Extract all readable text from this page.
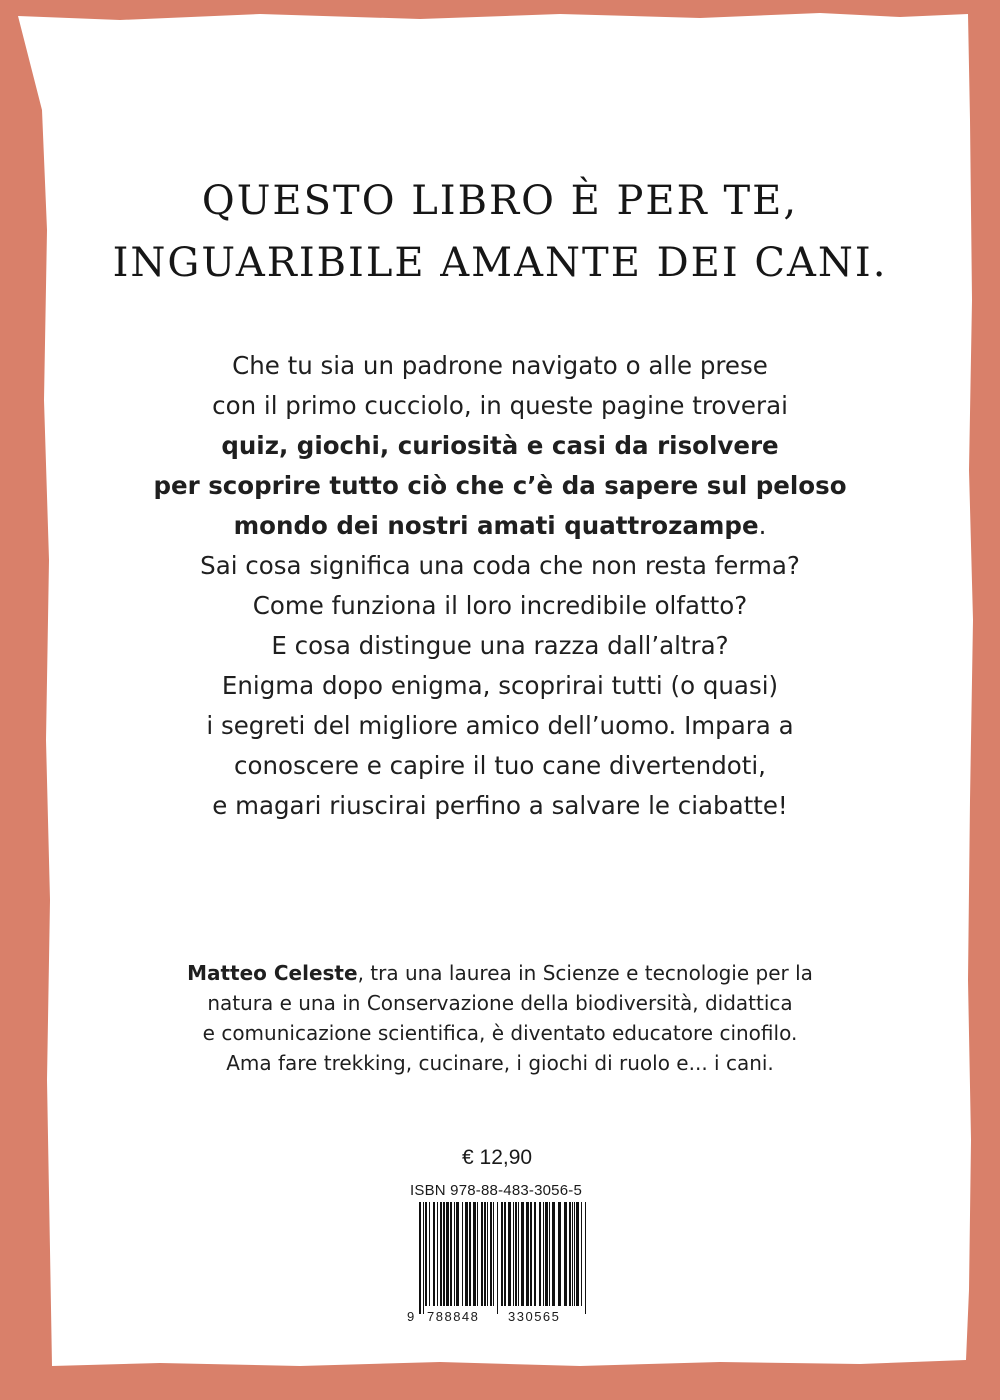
QUESTO LIBRO È PER TE,
INGUARIBILE AMANTE DEI CANI.
Che tu sia un padrone navigato o alle prese
con il primo cucciolo, in queste pagine troverai
quiz, giochi, curiosità e casi da risolvere
per scoprire tutto ciò che c’è da sapere sul peloso
mondo dei nostri amati quattrozampe.
Sai cosa significa una coda che non resta ferma?
Come funziona il loro incredibile olfatto?
E cosa distingue una razza dall’altra?
Enigma dopo enigma, scoprirai tutti (o quasi)
i segreti del migliore amico dell’uomo. Impara a
conoscere e capire il tuo cane divertendoti,
e magari riuscirai perfino a salvare le ciabatte!
Matteo Celeste, tra una laurea in Scienze e tecnologie per la
natura e una in Conservazione della biodiversità, didattica
e comunicazione scientifica, è diventato educatore cinofilo.
Ama fare trekking, cucinare, i giochi di ruolo e... i cani.
€ 12,90
ISBN 978-88-483-3056-5
9 788848 330565
